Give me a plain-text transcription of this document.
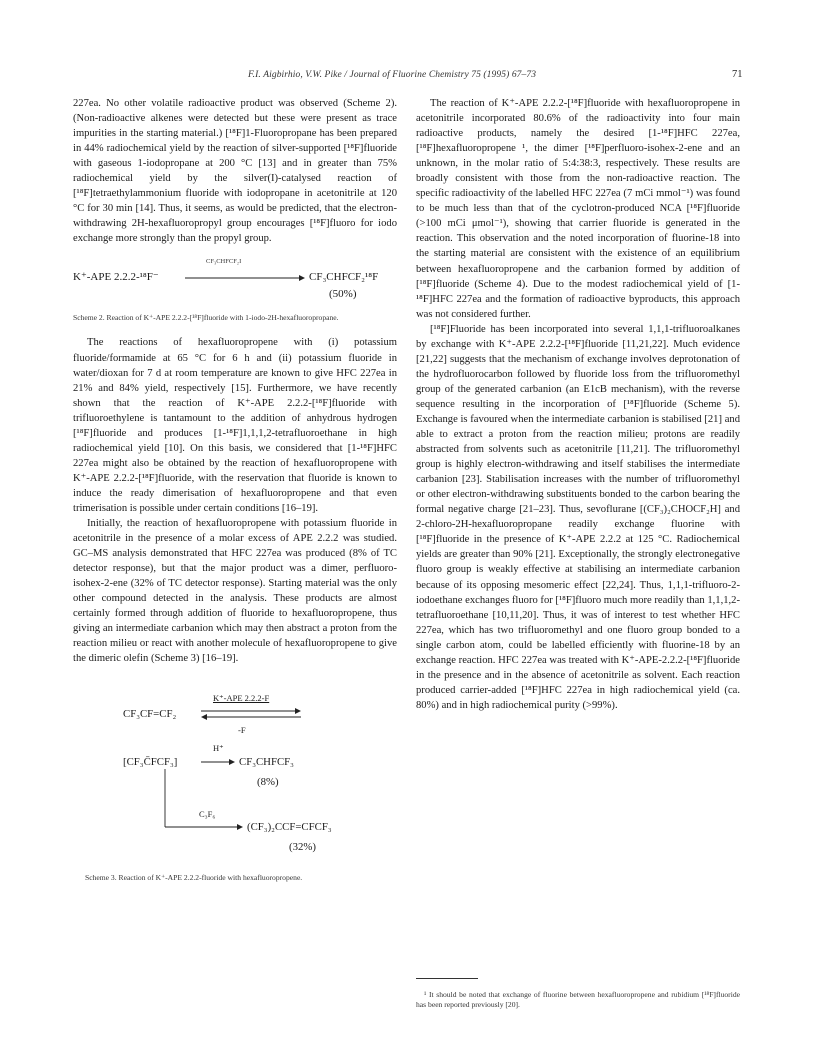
F.I. Aigbirhio, V.W. Pike / Journal of Fluorine Chemistry 75 (1995) 67–73	71

227ea. No other volatile radioactive product was observed (Scheme 2). (Non-radioactive alkenes were detected but these were present as trace impurities in the starting material.) [¹⁸F]1-Fluoropropane has been prepared in 44% radiochemical yield by the reaction of silver-supported [¹⁸F]fluoride with gaseous 1-iodopropane at 200 °C [13] and in greater than 75% radiochemical yield by the silver(I)-catalysed reaction of [¹⁸F]tetraethylammonium fluoride with iodopropane in acetonitrile at 120 °C for 30 min [14]. Thus, it seems, as would be predicted, that the electron-withdrawing 2H-hexafluoropropyl group encourages [¹⁸F]fluoro for iodo exchange more strongly than the propyl group.

K⁺-APE 2.2.2-¹⁸F⁻
CF₃CHFCF₂I
CF₃CHFCF₂¹⁸F
(50%)

Scheme 2. Reaction of K⁺-APE 2.2.2-[¹⁸F]fluoride with 1-iodo-2H-hexafluoropropane.

The reactions of hexafluoropropene with (i) potassium fluoride/formamide at 65 °C for 6 h and (ii) potassium fluoride in water/dioxan for 7 d at room temperature are known to give HFC 227ea in 21% and 84% yield, respectively [15]. Furthermore, we have recently shown that the reaction of K⁺-APE 2.2.2-[¹⁸F]fluoride with trifluoroethylene is tantamount to the addition of anhydrous hydrogen [¹⁸F]fluoride and produces [1-¹⁸F]1,1,1,2-tetrafluoroethane in high radiochemical yield [10]. On this basis, we considered that [1-¹⁸F]HFC 227ea might also be obtained by the reaction of hexafluoropropene with K⁺-APE 2.2.2-[¹⁸F]fluoride, with the reservation that fluoride is known to induce the ready dimerisation of hexafluoropropene and that even trimerisation is possible under certain conditions [16–19].

Initially, the reaction of hexafluoropropene with potassium fluoride in acetonitrile in the presence of a molar excess of APE 2.2.2 was studied. GC–MS analysis demonstrated that HFC 227ea was produced (8% of TC detector response), but that the major product was a dimer, perfluoro-isohex-2-ene (32% of TC detector response). Starting material was the only other compound detected in the analysis. These products are almost certainly formed through addition of fluoride to hexafluoropropene, thus giving an intermediate carbanion which may then abstract a proton from the reaction milieu or react with another molecule of hexafluoropropene to give the dimeric olefin (Scheme 3) [16–19].

CF₃CF=CF₂
K⁺-APE 2.2.2-F
-F
[CF₃C̄FCF₃]
H⁺
→ CF₃CHFCF₃
(8%)
C₃F₆
(CF₃)₂CCF=CFCF₃
(32%)

Scheme 3. Reaction of K⁺-APE 2.2.2-fluoride with hexafluoropropene.

The reaction of K⁺-APE 2.2.2-[¹⁸F]fluoride with hexafluoropropene in acetonitrile incorporated 80.6% of the radioactivity into four main radioactive products, namely the desired [1-¹⁸F]HFC 227ea, [¹⁸F]hexafluoropropene ¹, the dimer [¹⁸F]perfluoro-isohex-2-ene and an unknown, in the molar ratio of 5:4:38:3, respectively. These results are broadly consistent with those from the non-radioactive reaction. The specific radioactivity of the labelled HFC 227ea (7 mCi mmol⁻¹) was found to be much less than that of the cyclotron-produced NCA [¹⁸F]fluoride (>100 mCi μmol⁻¹), showing that carrier fluoride is generated in the reaction. This observation and the noted incorporation of fluorine-18 into the starting material are consistent with the existence of an equilibrium between hexafluoropropene and the carbanion formed by addition of [¹⁸F]fluoride (Scheme 4). Due to the modest radiochemical yield of [1-¹⁸F]HFC 227ea and the formation of radioactive byproducts, this approach was not considered further.

[¹⁸F]Fluoride has been incorporated into several 1,1,1-trifluoroalkanes by exchange with K⁺-APE 2.2.2-[¹⁸F]fluoride [11,21,22]. Much evidence [21,22] suggests that the mechanism of exchange involves deprotonation of the hydrofluorocarbon followed by fluoride loss from the trifluoromethyl group of the generated carbanion (an E1cB mechanism), with the reverse sequence resulting in the incorporation of [¹⁸F]fluoride (Scheme 5). Exchange is favoured when the intermediate carbanion is stabilised [21] and able to extract a proton from the reaction milieu; protons are readily abstracted from solvents such as acetonitrile [11,21]. The trifluoromethyl group is highly electron-withdrawing and itself stabilises the intermediate carbanion [23]. Stabilisation increases with the number of trifluoromethyl or other electron-withdrawing substituents bonded to the carbon bearing the formal negative charge [21–23]. Thus, sevoflurane [(CF₃)₂CHOCF₂H] and 2-chloro-2H-hexafluoropropane readily exchange fluorine with [¹⁸F]fluoride in the presence of K⁺-APE 2.2.2 at 125 °C. Radiochemical yields are greater than 90% [21]. Exceptionally, the strongly electronegative fluoro group is weakly effective at stabilising an intermediate carbanion because of its opposing mesomeric effect [22,24]. Thus, 1,1,1-trifluoro-2-iodoethane exchanges fluoro for [¹⁸F]fluoro much more readily than 1,1,1,2-tetrafluoroethane [10,11,20]. Thus, it was of interest to test whether HFC 227ea, which has two trifluoromethyl and one fluoro group bonded to a single carbon atom, could be labelled efficiently with fluorine-18 by an exchange reaction. HFC 227ea was treated with K⁺-APE-2.2.2-[¹⁸F]fluoride in the presence and in the absence of acetonitrile as solvent. Each reaction produced carrier-added [¹⁸F]HFC 227ea in high radiochemical yield (ca. 80%) and in high radiochemical purity (>99%).

¹ It should be noted that exchange of fluorine between hexafluoropropene and rubidium [¹⁸F]fluoride has been reported previously [20].
